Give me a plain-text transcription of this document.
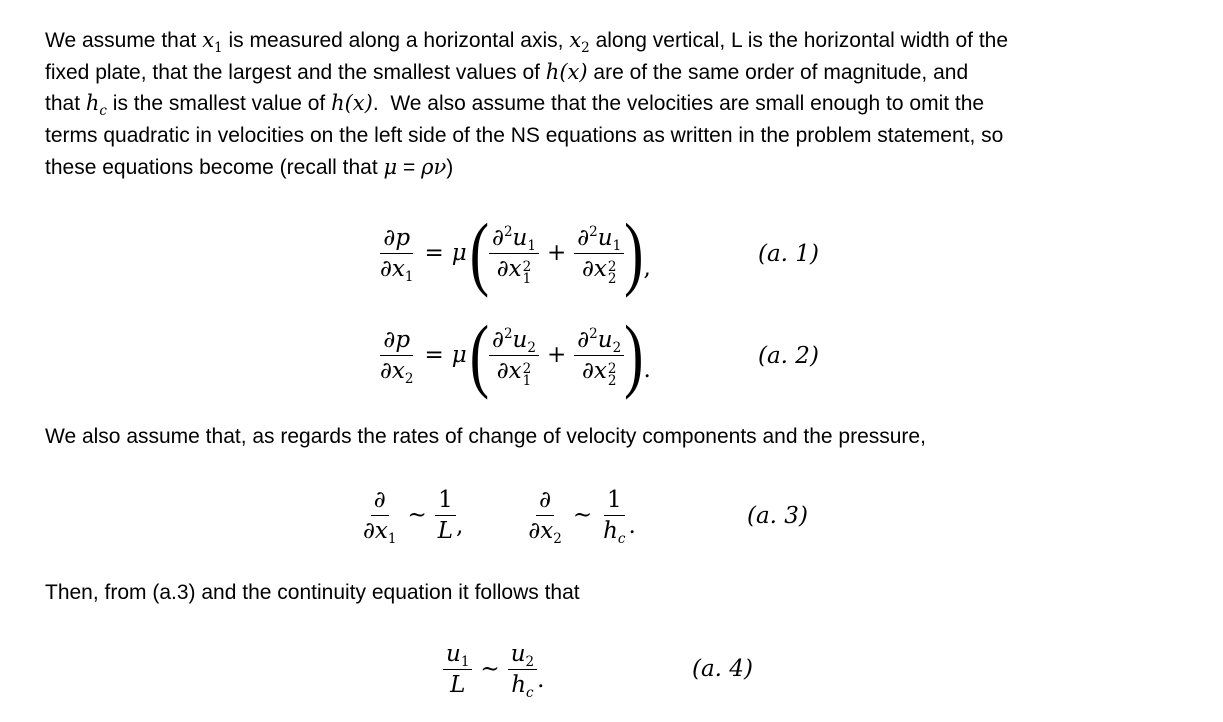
We assume that $x_1$ is measured along a horizontal axis, $x_2$ along vertical, L is the horizontal width of the
fixed plate, that the largest and the smallest values of h(x) are of the same order of magnitude, and
that $h_c$ is the smallest value of h(x).  We also assume that the velocities are small enough to omit the
terms quadratic in velocities on the left side of the NS equations as written in the problem statement, so
these equations become (recall that μ = ρν)
$\frac{\partial p}{\partial x_1} = \mu$ ( $\partial^2u_1$
∂x 2
$1 + \partial^2u_1$
∂x 2
2 ) ,
(a. 1)
$\frac{\partial p}{\partial x_2} = \mu$ ( $\partial^2u_2$
∂x 2
$1 + \partial^2u_2$
∂x 2
2 ) .
(a. 2)
We also assume that, as regards the rates of change of velocity components and the pressure,
$\frac{\partial}{\partial x_1}$ ∼ $\frac{1}{L}$ ,	$\frac{\partial}{\partial x_2}$ ∼ $\frac{1}{h_c}$ .	(a. 3)
Then, from (a.3) and the continuity equation it follows that
$\frac{u_1}{L}$ ∼ $\frac{u_2}{h_c}$ .	(a. 4)
